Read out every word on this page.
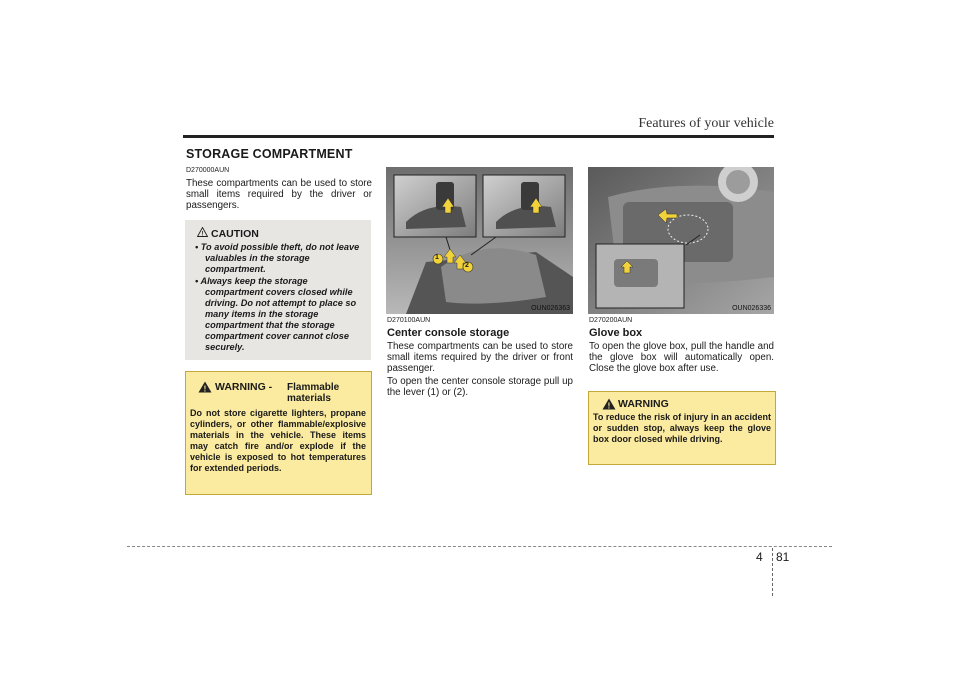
Features of your vehicle
STORAGE COMPARTMENT
D270000AUN
These compartments can be used to store small items required by the driver or passengers.
! CAUTION
• To avoid possible theft, do not leave valuables in the storage compartment.
• Always keep the storage compartment covers closed while driving. Do not attempt to place so many items in the storage compartment that the storage compartment cover cannot close securely.
! WARNING - Flammable materials
Do not store cigarette lighters, propane cylinders, or other flammable/explosive materials in the vehicle. These items may catch fire and/or explode if the vehicle is exposed to hot temperatures for extended periods.
1
2
OUN026363
D270100AUN
Center console storage
These compartments can be used to store small items required by the driver or front passenger.
To open the center console storage pull up the lever (1) or (2).
OUN026336
D270200AUN
Glove box
To open the glove box, pull the handle and the glove box will automatically open. Close the glove box after use.
! WARNING
To reduce the risk of injury in an accident or sudden stop, always keep the glove box door closed while driving.
4 81
